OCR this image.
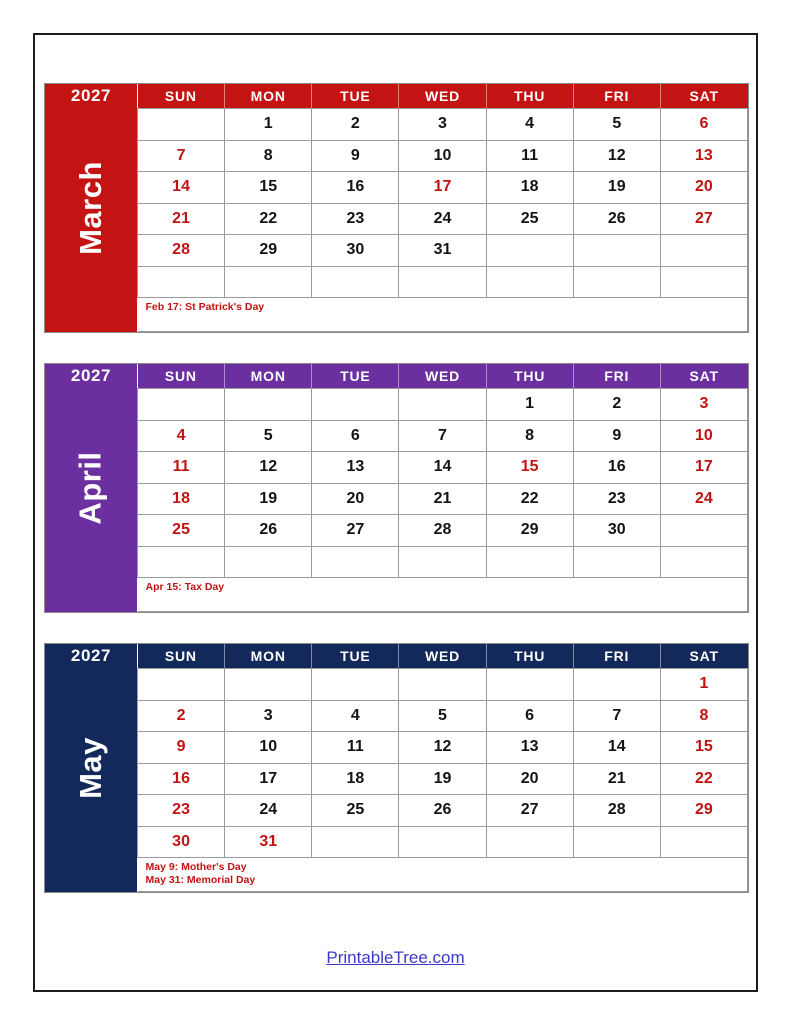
March
2027	SUN	MON	TUE	WED	THU	FRI	SAT
	1	2	3	4	5	6
7	8	9	10	11	12	13
14	15	16	17	18	19	20
21	22	23	24	25	26	27
28	29	30	31			

Feb 17: St Patrick's Day						
April
2027	SUN	MON	TUE	WED	THU	FRI	SAT
				1	2	3
4	5	6	7	8	9	10
11	12	13	14	15	16	17
18	19	20	21	22	23	24
25	26	27	28	29	30	

Apr 15: Tax Day						
May
2027	SUN	MON	TUE	WED	THU	FRI	SAT
						1
2	3	4	5	6	7	8
9	10	11	12	13	14	15
16	17	18	19	20	21	22
23	24	25	26	27	28	29
30	31					

May 9: Mother's Day
May 31: Memorial Day						
PrintableTree.com
